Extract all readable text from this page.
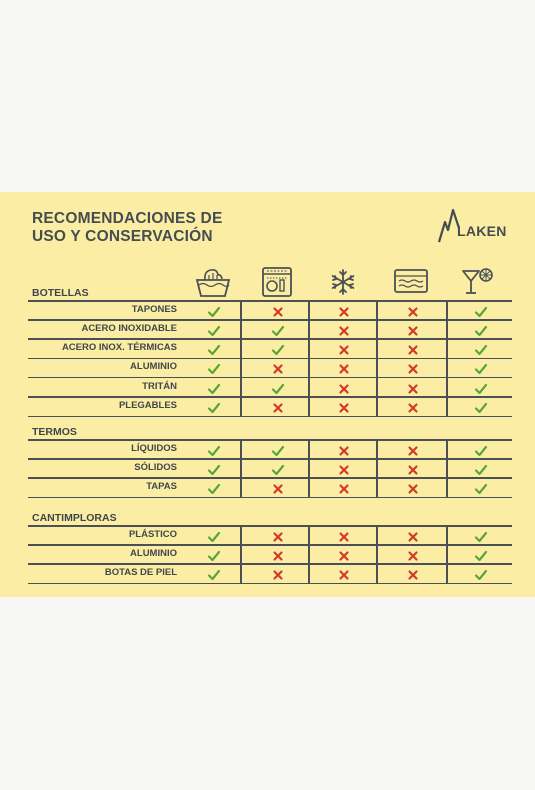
RECOMENDACIONES DE
USO Y CONSERVACIÓN	LAKEN
BOTELLAS
TAPONES
ACERO INOXIDABLE
ACERO INOX. TÉRMICAS
ALUMINIO
TRITÁN
PLEGABLES
TERMOS
LÍQUIDOS
SÓLIDOS
TAPAS
CANTIMPLORAS
PLÁSTICO
ALUMINIO
BOTAS DE PIEL
